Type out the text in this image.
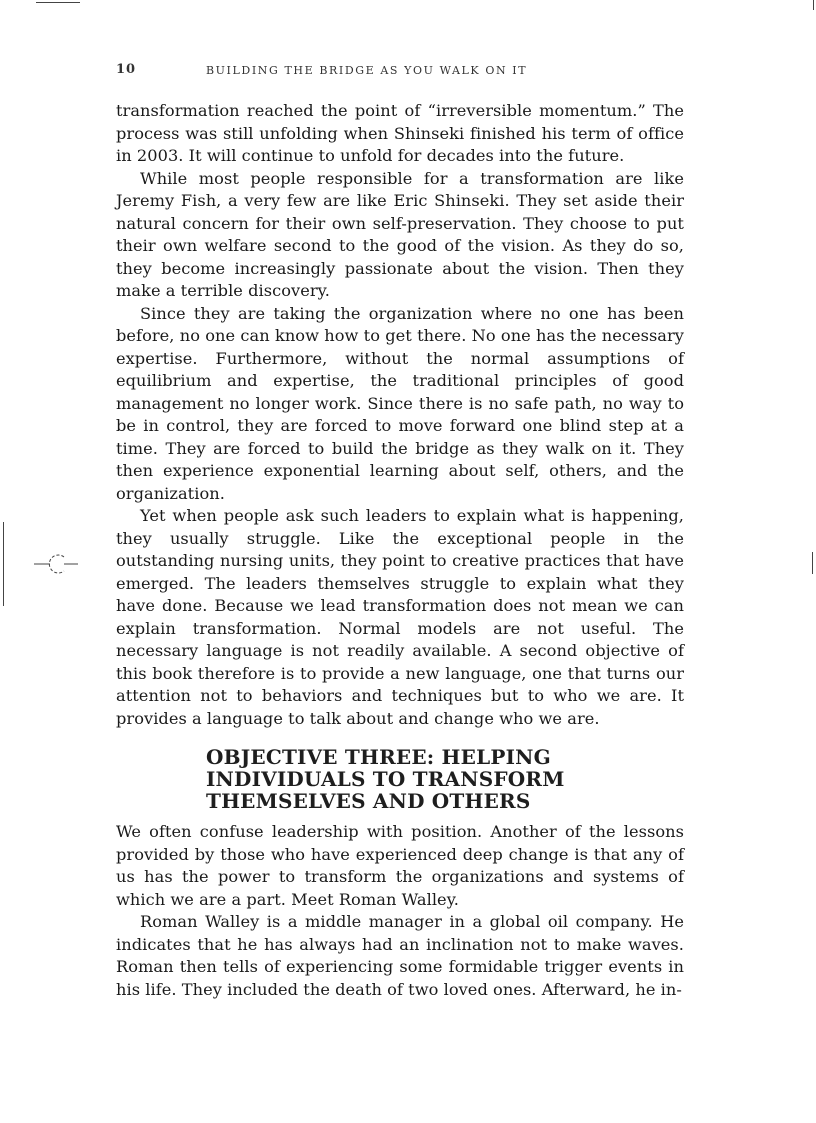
10	BUILDING THE BRIDGE AS YOU WALK ON IT

transformation reached the point of “irreversible momentum.” The process was still unfolding when Shinseki finished his term of office in 2003. It will continue to unfold for decades into the future.

While most people responsible for a transformation are like Jeremy Fish, a very few are like Eric Shinseki. They set aside their natural concern for their own self-preservation. They choose to put their own welfare second to the good of the vision. As they do so, they become increasingly passionate about the vision. Then they make a terrible discovery.

Since they are taking the organization where no one has been before, no one can know how to get there. No one has the necessary expertise. Furthermore, without the normal assumptions of equilibrium and expertise, the traditional principles of good management no longer work. Since there is no safe path, no way to be in control, they are forced to move forward one blind step at a time. They are forced to build the bridge as they walk on it. They then experience exponential learning about self, others, and the organization.

Yet when people ask such leaders to explain what is happening, they usually struggle. Like the exceptional people in the outstanding nursing units, they point to creative practices that have emerged. The leaders themselves struggle to explain what they have done. Because we lead transformation does not mean we can explain transformation. Normal models are not useful. The necessary language is not readily available. A second objective of this book therefore is to provide a new language, one that turns our attention not to behaviors and techniques but to who we are. It provides a language to talk about and change who we are.

OBJECTIVE THREE: HELPING
INDIVIDUALS TO TRANSFORM
THEMSELVES AND OTHERS

We often confuse leadership with position. Another of the lessons provided by those who have experienced deep change is that any of us has the power to transform the organizations and systems of which we are a part. Meet Roman Walley.

Roman Walley is a middle manager in a global oil company. He indicates that he has always had an inclination not to make waves. Roman then tells of experiencing some formidable trigger events in his life. They included the death of two loved ones. Afterward, he in-
